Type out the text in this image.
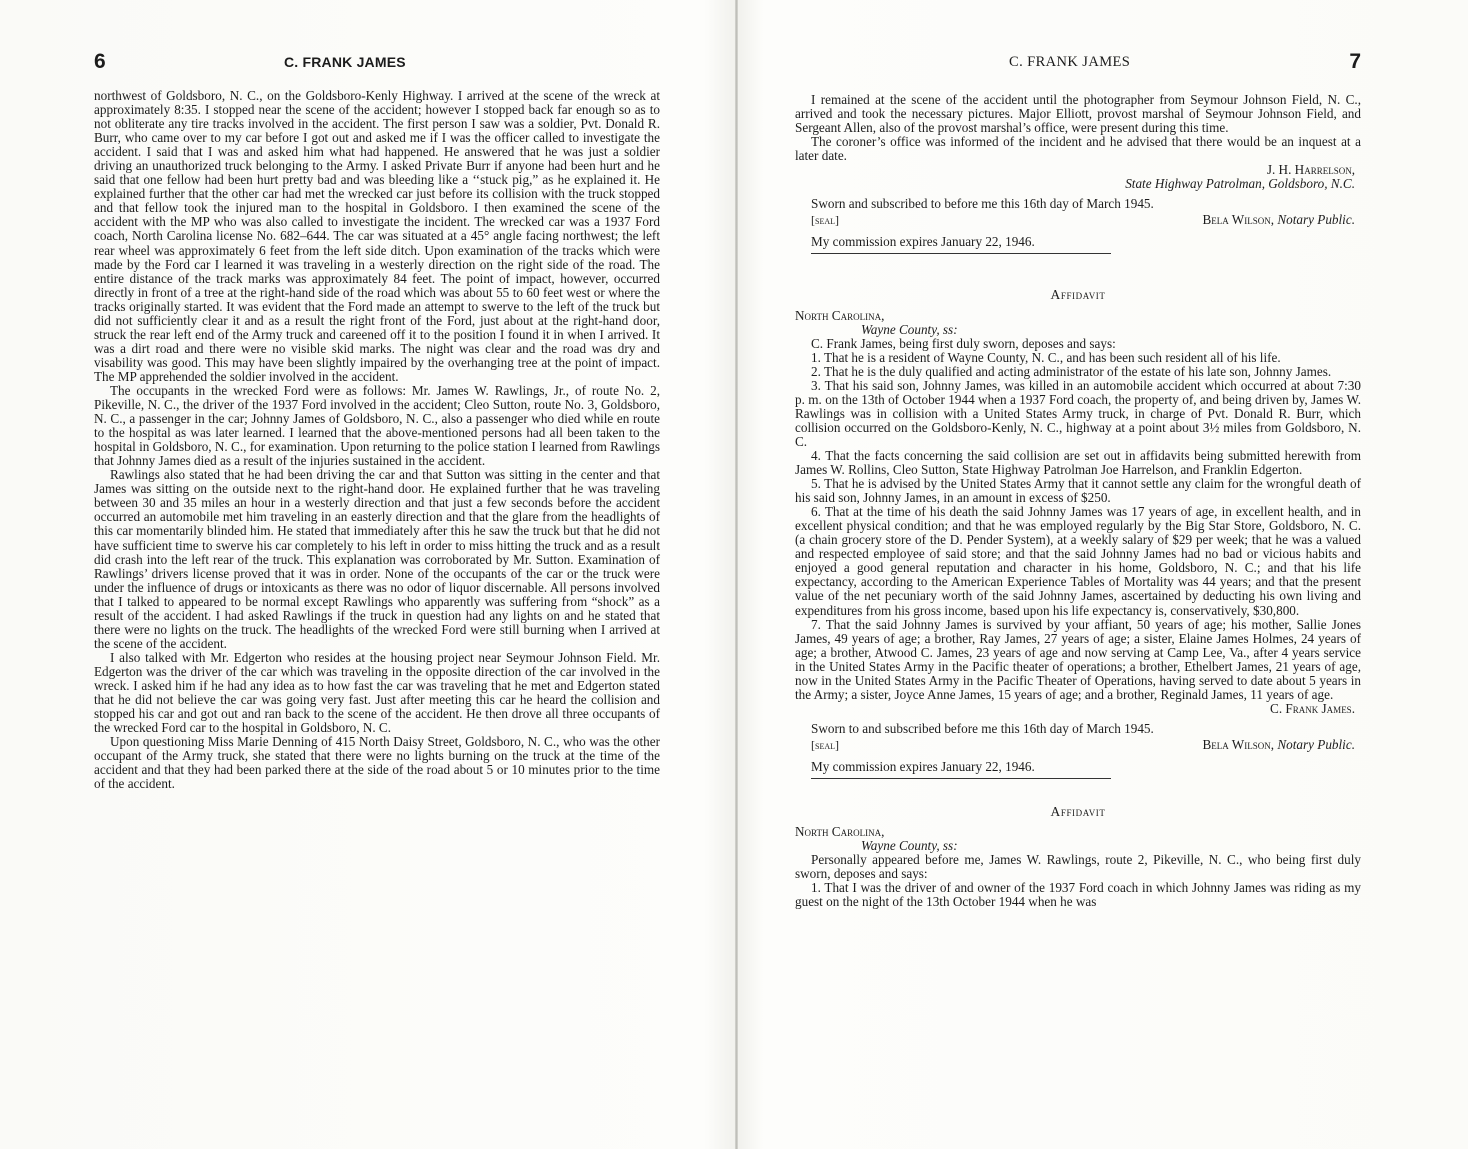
6	C. FRANK JAMES

northwest of Goldsboro, N. C., on the Goldsboro-Kenly Highway. I arrived at the scene of the wreck at approximately 8:35. I stopped near the scene of the accident; however I stopped back far enough so as to not obliterate any tire tracks involved in the accident. The first person I saw was a soldier, Pvt. Donald R. Burr, who came over to my car before I got out and asked me if I was the officer called to investigate the accident. I said that I was and asked him what had happened. He answered that he was just a soldier driving an unauthorized truck belonging to the Army. I asked Private Burr if anyone had been hurt and he said that one fellow had been hurt pretty bad and was bleeding like a ‘‘stuck pig,” as he explained it. He explained further that the other car had met the wrecked car just before its collision with the truck stopped and that fellow took the injured man to the hospital in Goldsboro. I then examined the scene of the accident with the MP who was also called to investigate the incident. The wrecked car was a 1937 Ford coach, North Carolina license No. 682–644. The car was situated at a 45° angle facing northwest; the left rear wheel was approximately 6 feet from the left side ditch. Upon examination of the tracks which were made by the Ford car I learned it was traveling in a westerly direction on the right side of the road. The entire distance of the track marks was approximately 84 feet. The point of impact, however, occurred directly in front of a tree at the right-hand side of the road which was about 55 to 60 feet west or where the tracks originally started. It was evident that the Ford made an attempt to swerve to the left of the truck but did not sufficiently clear it and as a result the right front of the Ford, just about at the right-hand door, struck the rear left end of the Army truck and careened off it to the position I found it in when I arrived. It was a dirt road and there were no visible skid marks. The night was clear and the road was dry and visability was good. This may have been slightly impaired by the overhanging tree at the point of impact. The MP apprehended the soldier involved in the accident.

The occupants in the wrecked Ford were as follows: Mr. James W. Rawlings, Jr., of route No. 2, Pikeville, N. C., the driver of the 1937 Ford involved in the accident; Cleo Sutton, route No. 3, Goldsboro, N. C., a passenger in the car; Johnny James of Goldsboro, N. C., also a passenger who died while en route to the hospital as was later learned. I learned that the above-mentioned persons had all been taken to the hospital in Goldsboro, N. C., for examination. Upon returning to the police station I learned from Rawlings that Johnny James died as a result of the injuries sustained in the accident.

Rawlings also stated that he had been driving the car and that Sutton was sitting in the center and that James was sitting on the outside next to the right-hand door. He explained further that he was traveling between 30 and 35 miles an hour in a westerly direction and that just a few seconds before the accident occurred an automobile met him traveling in an easterly direction and that the glare from the headlights of this car momentarily blinded him. He stated that immediately after this he saw the truck but that he did not have sufficient time to swerve his car completely to his left in order to miss hitting the truck and as a result did crash into the left rear of the truck. This explanation was corroborated by Mr. Sutton. Examination of Rawlings’ drivers license proved that it was in order. None of the occupants of the car or the truck were under the influence of drugs or intoxicants as there was no odor of liquor discernable. All persons involved that I talked to appeared to be normal except Rawlings who apparently was suffering from “shock” as a result of the accident. I had asked Rawlings if the truck in question had any lights on and he stated that there were no lights on the truck. The headlights of the wrecked Ford were still burning when I arrived at the scene of the accident.

I also talked with Mr. Edgerton who resides at the housing project near Seymour Johnson Field. Mr. Edgerton was the driver of the car which was traveling in the opposite direction of the car involved in the wreck. I asked him if he had any idea as to how fast the car was traveling that he met and Edgerton stated that he did not believe the car was going very fast. Just after meeting this car he heard the collision and stopped his car and got out and ran back to the scene of the accident. He then drove all three occupants of the wrecked Ford car to the hospital in Goldsboro, N. C.

Upon questioning Miss Marie Denning of 415 North Daisy Street, Goldsboro, N. C., who was the other occupant of the Army truck, she stated that there were no lights burning on the truck at the time of the accident and that they had been parked there at the side of the road about 5 or 10 minutes prior to the time of the accident.

C. FRANK JAMES	7

I remained at the scene of the accident until the photographer from Seymour Johnson Field, N. C., arrived and took the necessary pictures. Major Elliott, provost marshal of Seymour Johnson Field, and Sergeant Allen, also of the provost marshal’s office, were present during this time.

The coroner’s office was informed of the incident and he advised that there would be an inquest at a later date.

J. H. Harrelson,
State Highway Patrolman, Goldsboro, N.C.

Sworn and subscribed to before me this 16th day of March 1945.

[seal]	Bela Wilson, Notary Public.

My commission expires January 22, 1946.

Affidavit
North Carolina,
Wayne County, ss:

C. Frank James, being first duly sworn, deposes and says:

1. That he is a resident of Wayne County, N. C., and has been such resident all of his life.

2. That he is the duly qualified and acting administrator of the estate of his late son, Johnny James.

3. That his said son, Johnny James, was killed in an automobile accident which occurred at about 7:30 p. m. on the 13th of October 1944 when a 1937 Ford coach, the property of, and being driven by, James W. Rawlings was in collision with a United States Army truck, in charge of Pvt. Donald R. Burr, which collision occurred on the Goldsboro-Kenly, N. C., highway at a point about 3½ miles from Goldsboro, N. C.

4. That the facts concerning the said collision are set out in affidavits being submitted herewith from James W. Rollins, Cleo Sutton, State Highway Patrolman Joe Harrelson, and Franklin Edgerton.

5. That he is advised by the United States Army that it cannot settle any claim for the wrongful death of his said son, Johnny James, in an amount in excess of $250.

6. That at the time of his death the said Johnny James was 17 years of age, in excellent health, and in excellent physical condition; and that he was employed regularly by the Big Star Store, Goldsboro, N. C. (a chain grocery store of the D. Pender System), at a weekly salary of $29 per week; that he was a valued and respected employee of said store; and that the said Johnny James had no bad or vicious habits and enjoyed a good general reputation and character in his home, Goldsboro, N. C.; and that his life expectancy, according to the American Experience Tables of Mortality was 44 years; and that the present value of the net pecuniary worth of the said Johnny James, ascertained by deducting his own living and expenditures from his gross income, based upon his life expectancy is, conservatively, $30,800.

7. That the said Johnny James is survived by your affiant, 50 years of age; his mother, Sallie Jones James, 49 years of age; a brother, Ray James, 27 years of age; a sister, Elaine James Holmes, 24 years of age; a brother, Atwood C. James, 23 years of age and now serving at Camp Lee, Va., after 4 years service in the United States Army in the Pacific theater of operations; a brother, Ethelbert James, 21 years of age, now in the United States Army in the Pacific Theater of Operations, having served to date about 5 years in the Army; a sister, Joyce Anne James, 15 years of age; and a brother, Reginald James, 11 years of age.

C. Frank James.

Sworn to and subscribed before me this 16th day of March 1945.

[seal]	Bela Wilson, Notary Public.

My commission expires January 22, 1946.

Affidavit
North Carolina,
Wayne County, ss:

Personally appeared before me, James W. Rawlings, route 2, Pikeville, N. C., who being first duly sworn, deposes and says:

1. That I was the driver of and owner of the 1937 Ford coach in which Johnny James was riding as my guest on the night of the 13th October 1944 when he was
